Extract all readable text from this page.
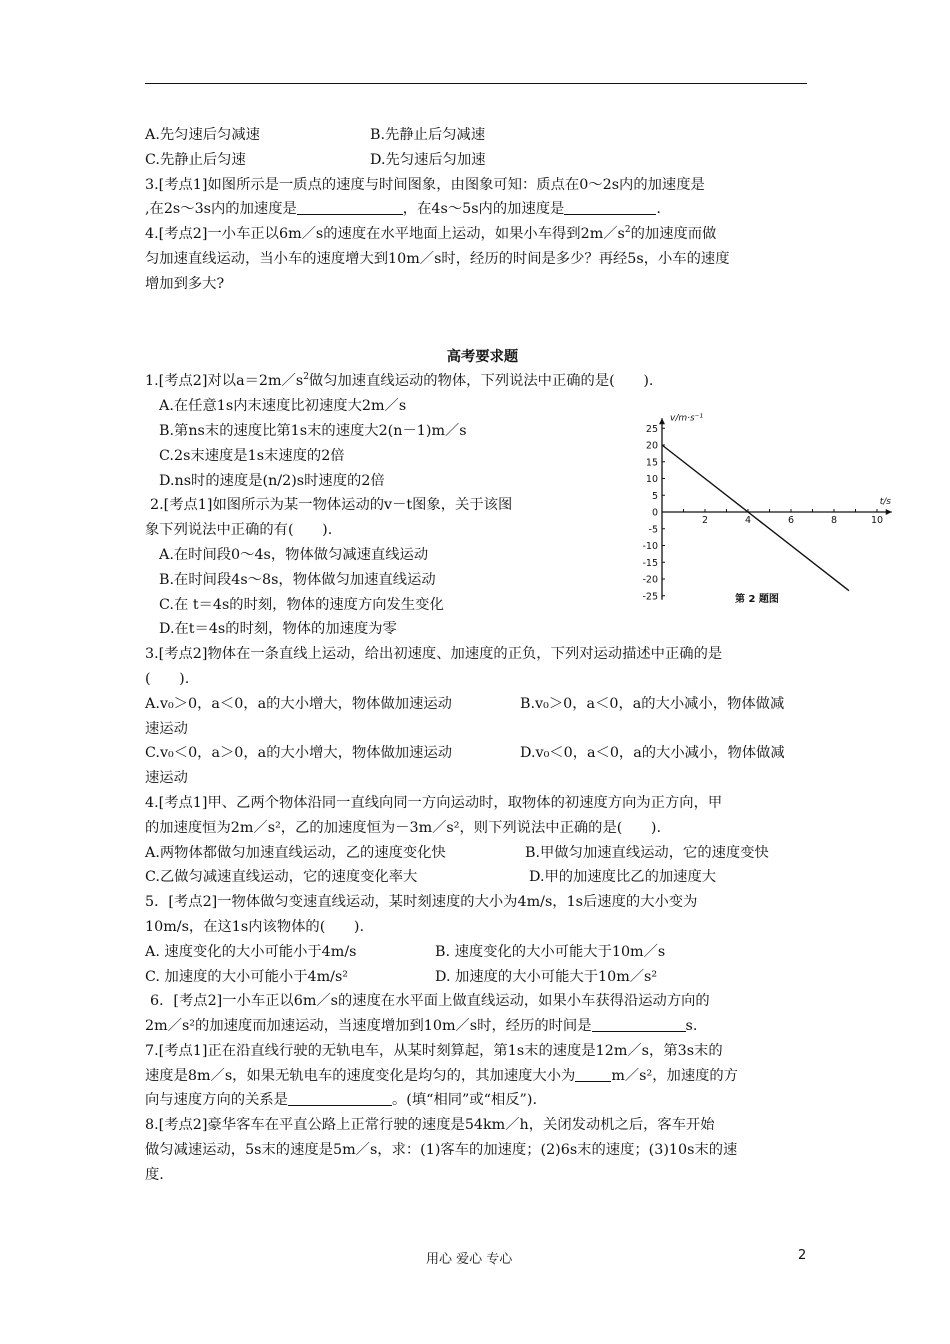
A.先匀速后匀减速	B.先静止后匀减速
C.先静止后匀速	D.先匀速后匀加速
3.[考点1]如图所示是一质点的速度与时间图象，由图象可知：质点在0～2s内的加速度是
,在2s～3s内的加速度是	，在4s～5s内的加速度是	.
4.[考点2]一小车正以6m／s的速度在水平地面上运动，如果小车得到$2m/s^2$的加速度而做
匀加速直线运动，当小车的速度增大到10m／s时，经历的时间是多少？再经5s，小车的速度
增加到多大?
高考要求题
1.[考点2]对以$a=2m/s^2$做匀加速直线运动的物体，下列说法中正确的是(　　).
A.在任意1s内末速度比初速度大2m／s
B.第ns末的速度比第1s末的速度大2(n－1)m／s
C.2s末速度是1s末速度的2倍
D.ns时的速度是(n/2)s时速度的2倍
2.[考点1]如图所示为某一物体运动的v－t图象，关于该图
象下列说法中正确的有(　　).
A.在时间段0～4s，物体做匀减速直线运动
B.在时间段4s～8s，物体做匀加速直线运动
C.在 t＝4s的时刻，物体的速度方向发生变化
D.在t＝4s的时刻，物体的加速度为零
3.[考点2]物体在一条直线上运动，给出初速度、加速度的正负，下列对运动描述中正确的是
(　　).
A.v₀＞0，a＜0，a的大小增大，物体做加速运动	B.v₀＞0，a＜0，a的大小减小，物体做减
速运动
C.v₀＜0，a＞0，a的大小增大，物体做加速运动	D.v₀＜0，a＜0，a的大小减小，物体做减
速运动
4.[考点1]甲、乙两个物体沿同一直线向同一方向运动时，取物体的初速度方向为正方向，甲
的加速度恒为2m／s²，乙的加速度恒为－3m／s²，则下列说法中正确的是(　　).
A.两物体都做匀加速直线运动，乙的速度变化快	B.甲做匀加速直线运动，它的速度变快
C.乙做匀减速直线运动，它的速度变化率大	D.甲的加速度比乙的加速度大
5．[考点2]一物体做匀变速直线运动，某时刻速度的大小为4m/s，1s后速度的大小变为
10m/s，在这1s内该物体的(　　).
A. 速度变化的大小可能小于4m/s	B. 速度变化的大小可能大于10m／s
C. 加速度的大小可能小于4m/s²	D. 加速度的大小可能大于10m／s²
6．[考点2]一小车正以6m／s的速度在水平面上做直线运动，如果小车获得沿运动方向的
2m／s²的加速度而加速运动，当速度增加到10m／s时，经历的时间是	s.
7.[考点1]正在沿直线行驶的无轨电车，从某时刻算起，第1s末的速度是12m／s，第3s末的
速度是8m／s，如果无轨电车的速度变化是均匀的，其加速度大小为	m／s²，加速度的方
向与速度方向的关系是	。(填“相同”或“相反”).
8.[考点2]豪华客车在平直公路上正常行驶的速度是54km／h，关闭发动机之后，客车开始
做匀减速运动，5s末的速度是5m／s，求：(1)客车的加速度；(2)6s末的速度；(3)10s末的速
度.
v/m·s⁻¹
t/s
第 2 题图
25
20
15
10
5
0
-5
-10
-15
-20
-25
2	4	6	8	10
用心 爱心 专心	2
